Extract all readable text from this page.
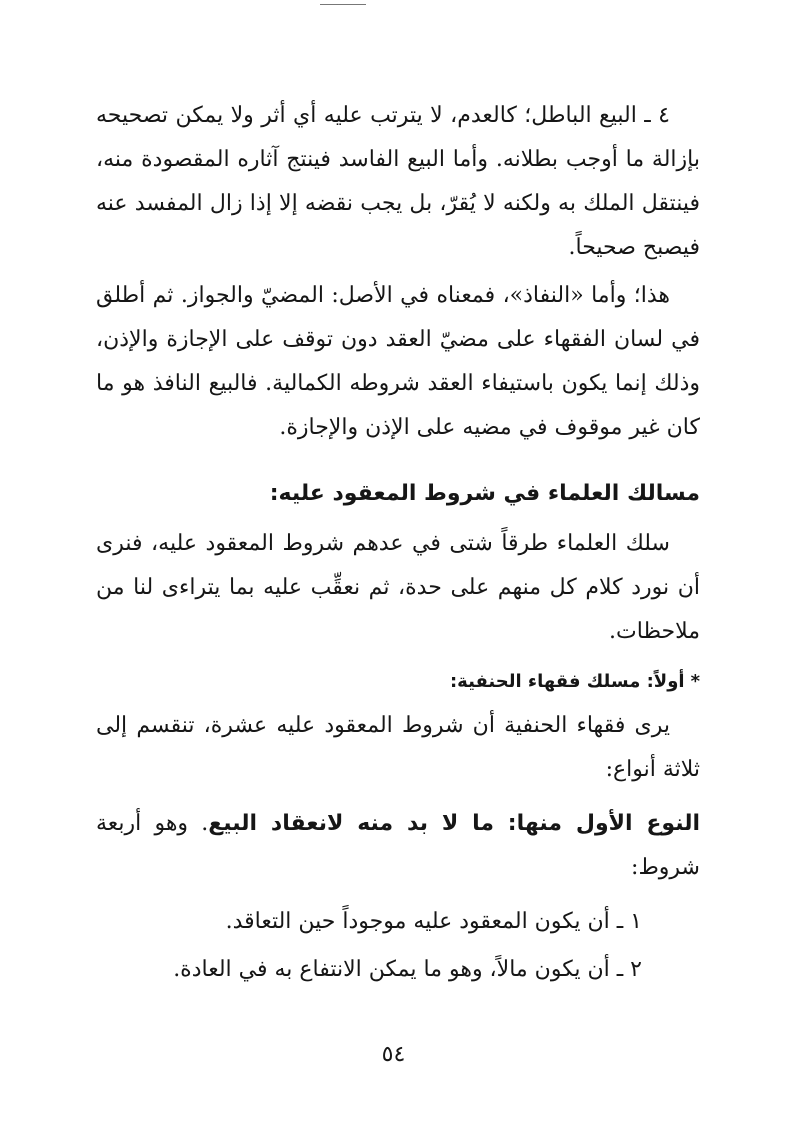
٤ ـ البيع الباطل؛ كالعدم، لا يترتب عليه أي أثر ولا يمكن تصحيحه بإزالة ما أوجب بطلانه. وأما البيع الفاسد فينتج آثاره المقصودة منه، فينتقل الملك به ولكنه لا يُقرّ، بل يجب نقضه إلا إذا زال المفسد عنه فيصبح صحيحاً.

هذا؛ وأما «النفاذ»، فمعناه في الأصل: المضيّ والجواز. ثم أطلق في لسان الفقهاء على مضيّ العقد دون توقف على الإجازة والإذن، وذلك إنما يكون باستيفاء العقد شروطه الكمالية. فالبيع النافذ هو ما كان غير موقوف في مضيه على الإذن والإجازة.

مسالك العلماء في شروط المعقود عليه:

سلك العلماء طرقاً شتى في عدهم شروط المعقود عليه، فنرى أن نورد كلام كل منهم على حدة، ثم نعقِّب عليه بما يتراءى لنا من ملاحظات.

*أولاً: مسلك فقهاء الحنفية:

يرى فقهاء الحنفية أن شروط المعقود عليه عشرة، تنقسم إلى ثلاثة أنواع:

النوع الأول منها: ما لا بد منه لانعقاد البيع. وهو أربعة شروط:

١ ـ أن يكون المعقود عليه موجوداً حين التعاقد.

٢ ـ أن يكون مالاً، وهو ما يمكن الانتفاع به في العادة.

٥٤
